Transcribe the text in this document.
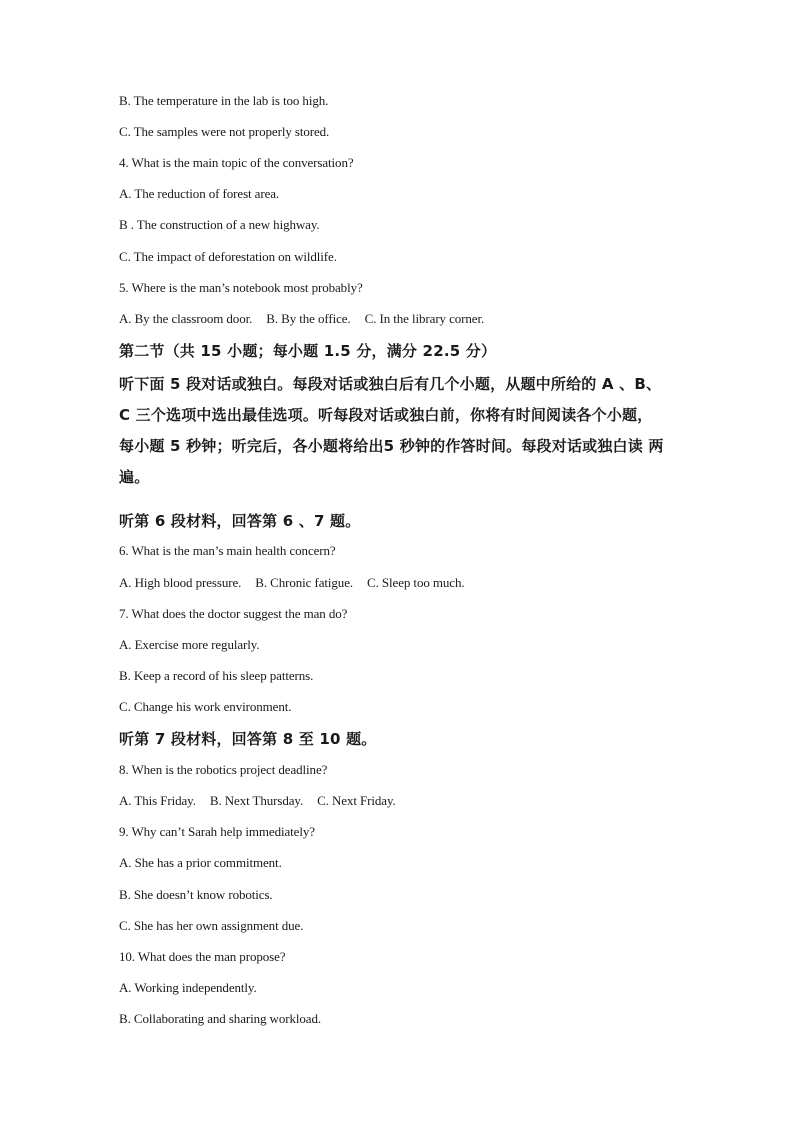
B. The temperature in the lab is too high.
C. The samples were not properly stored.
4. What is the main topic of the conversation?
A. The reduction of forest area.
B . The construction of a new highway.
C. The impact of deforestation on wildlife.
5. Where is the man’s notebook most probably?
A. By the classroom door. B. By the office. C. In the library corner.
第二节（共 15 小题；每小题 1.5 分，满分 22.5 分）
听下面 5 段对话或独白。每段对话或独白后有几个小题，从题中所给的 A 、B、
C 三个选项中选出最佳选项。听每段对话或独白前，你将有时间阅读各个小题，
每小题 5 秒钟；听完后，各小题将给出5 秒钟的作答时间。每段对话或独白读 两
遍。
听第 6 段材料，回答第 6 、7 题。
6. What is the man’s main health concern?
A. High blood pressure. B. Chronic fatigue. C. Sleep too much.
7. What does the doctor suggest the man do?
A. Exercise more regularly.
B. Keep a record of his sleep patterns.
C. Change his work environment.
听第 7 段材料，回答第 8 至 10 题。
8. When is the robotics project deadline?
A. This Friday. B. Next Thursday. C. Next Friday.
9. Why can’t Sarah help immediately?
A. She has a prior commitment.
B. She doesn’t know robotics.
C. She has her own assignment due.
10. What does the man propose?
A. Working independently.
B. Collaborating and sharing workload.
